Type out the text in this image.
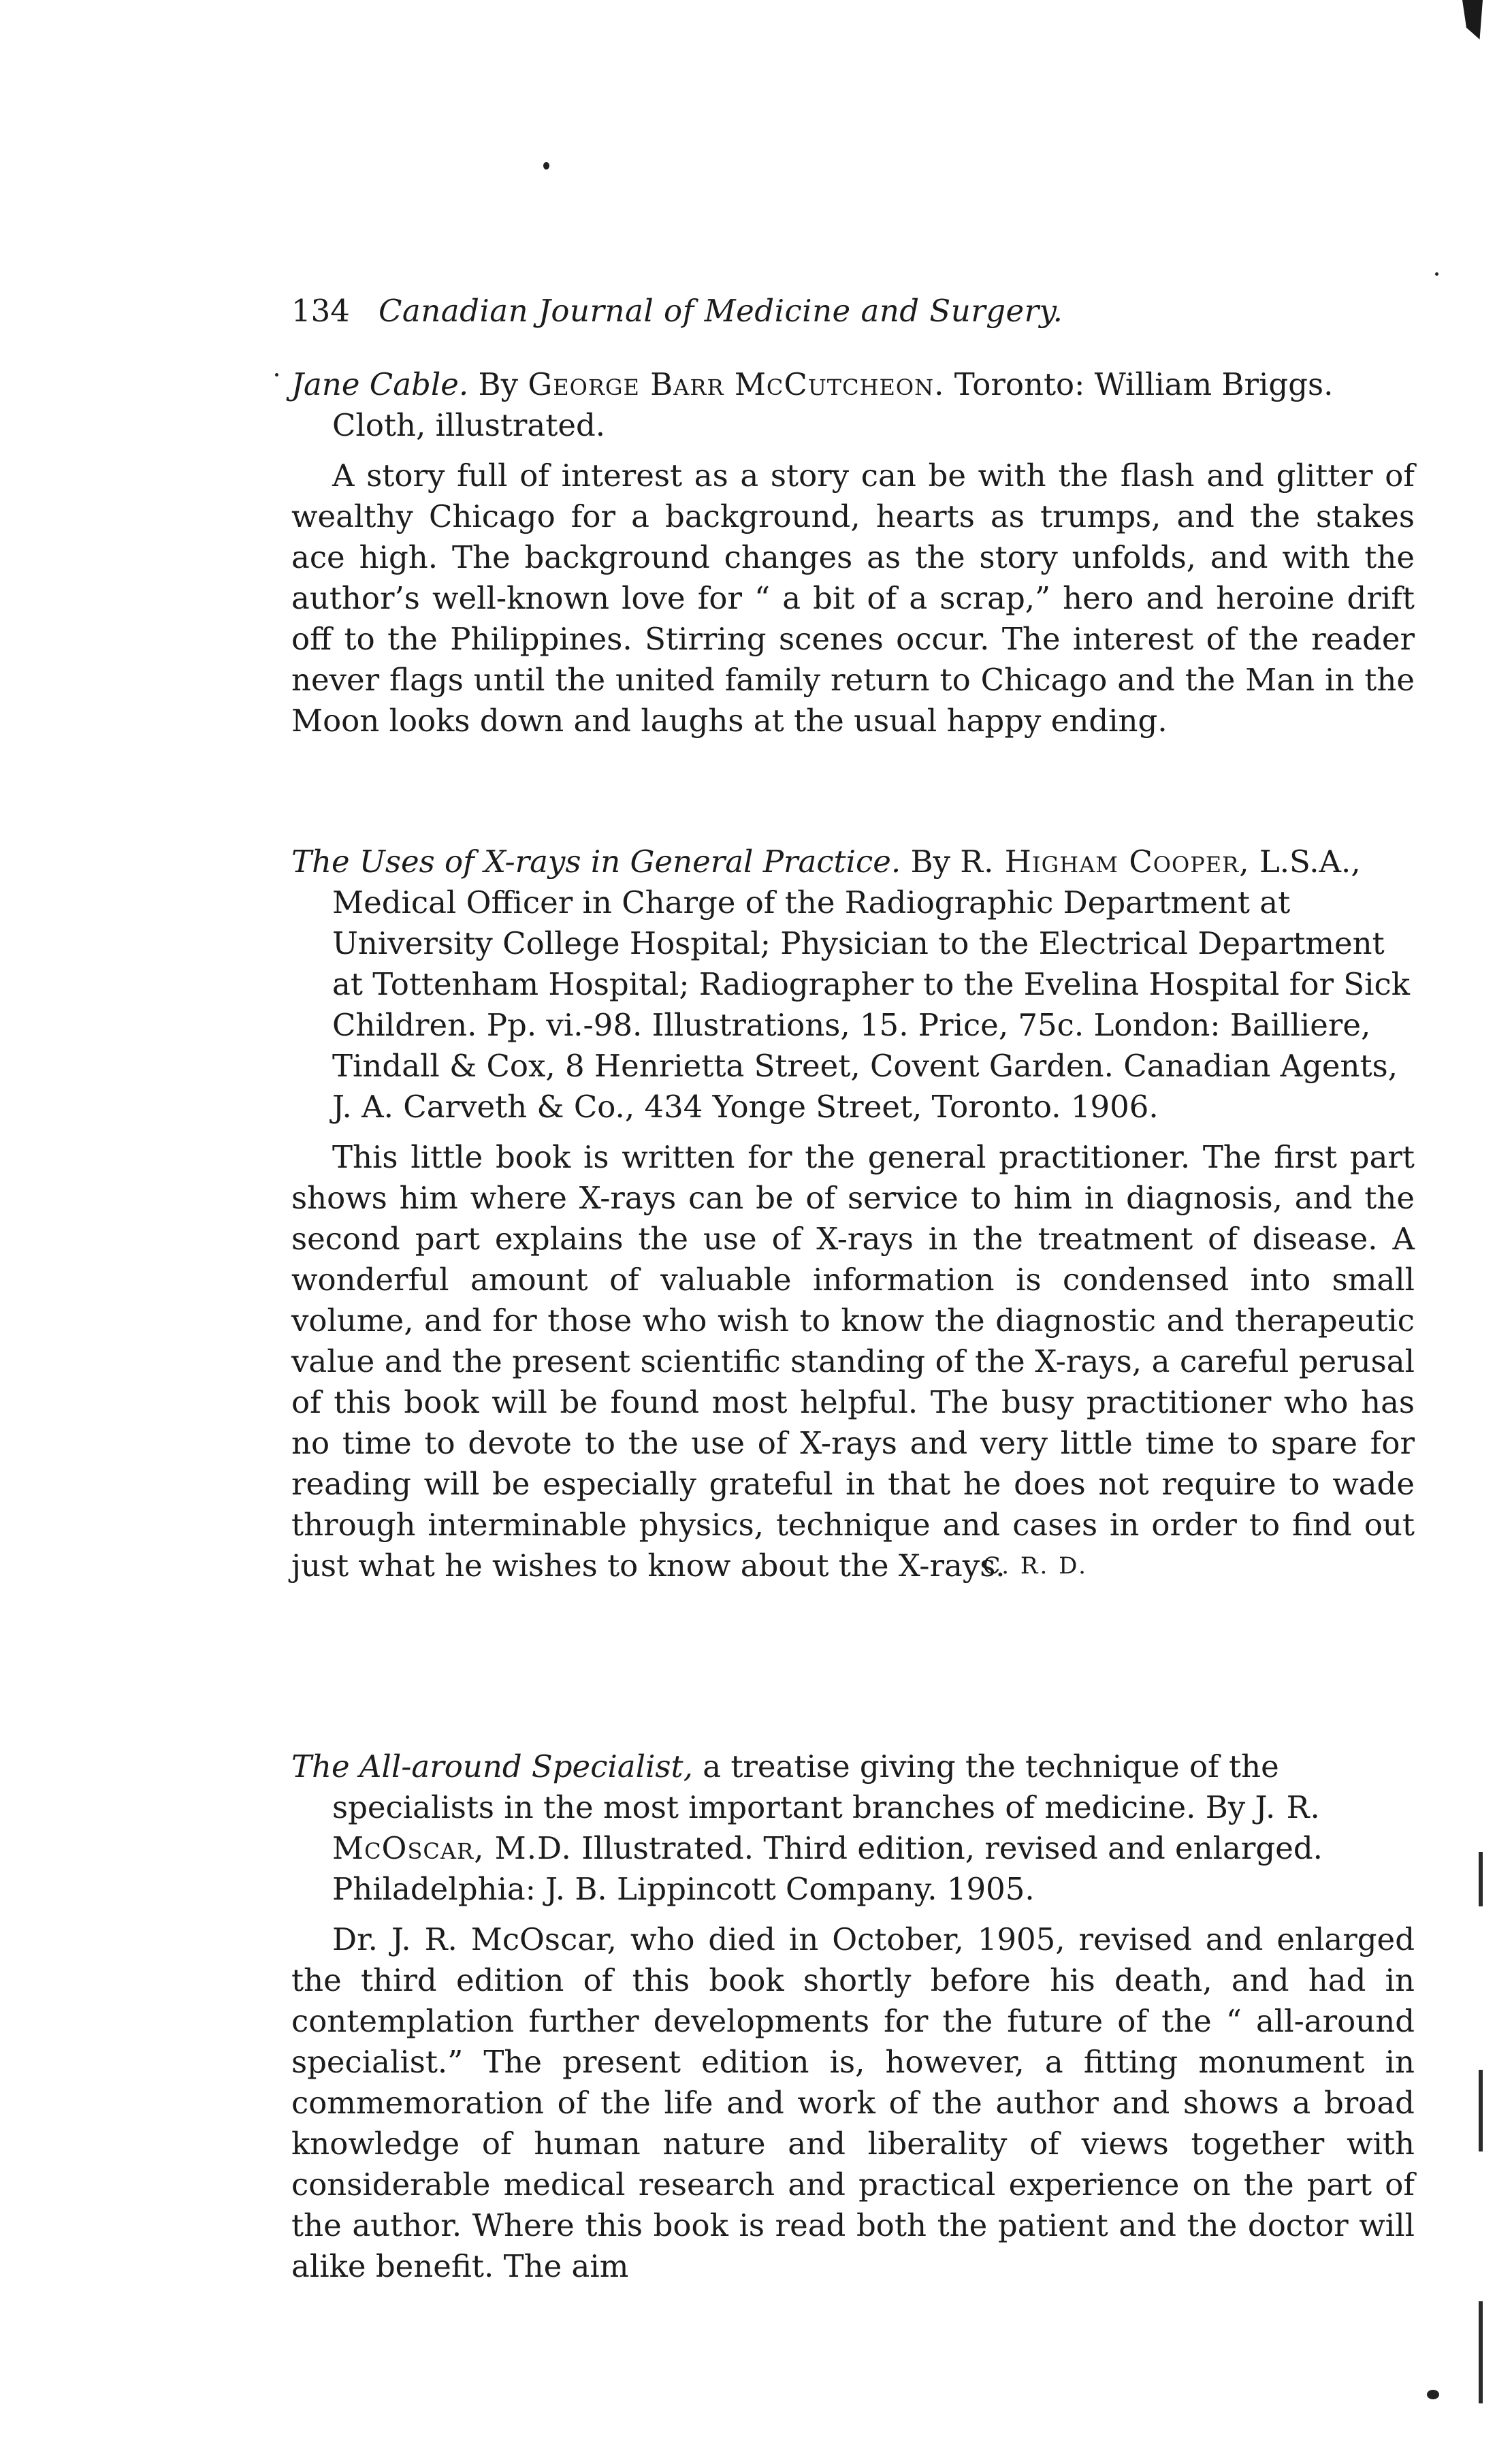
134 Canadian Journal of Medicine and Surgery.

Jane Cable. By George Barr McCutcheon. Toronto: William Briggs. Cloth, illustrated.

A story full of interest as a story can be with the flash and glitter of wealthy Chicago for a background, hearts as trumps, and the stakes ace high. The background changes as the story unfolds, and with the author’s well-known love for “ a bit of a scrap,” hero and heroine drift off to the Philippines. Stirring scenes occur. The interest of the reader never flags until the united family return to Chicago and the Man in the Moon looks down and laughs at the usual happy ending.

The Uses of X-rays in General Practice. By R. Higham Cooper, L.S.A., Medical Officer in Charge of the Radiographic Department at University College Hospital; Physician to the Electrical Department at Tottenham Hospital; Radiographer to the Evelina Hospital for Sick Children. Pp. vi.-98. Illustrations, 15. Price, 75c. London: Bailliere, Tindall & Cox, 8 Henrietta Street, Covent Garden. Canadian Agents, J. A. Carveth & Co., 434 Yonge Street, Toronto. 1906.

This little book is written for the general practitioner. The first part shows him where X-rays can be of service to him in diagnosis, and the second part explains the use of X-rays in the treatment of disease. A wonderful amount of valuable information is condensed into small volume, and for those who wish to know the diagnostic and therapeutic value and the present scientific standing of the X-rays, a careful perusal of this book will be found most helpful. The busy practitioner who has no time to devote to the use of X-rays and very little time to spare for reading will be especially grateful in that he does not require to wade through interminable physics, technique and cases in order to find out just what he wishes to know about the X-rays.

C. R. D.

The All-around Specialist, a treatise giving the technique of the specialists in the most important branches of medicine. By J. R. McOscar, M.D. Illustrated. Third edition, revised and enlarged. Philadelphia: J. B. Lippincott Company. 1905.

Dr. J. R. McOscar, who died in October, 1905, revised and enlarged the third edition of this book shortly before his death, and had in contemplation further developments for the future of the “ all-around specialist.” The present edition is, however, a fitting monument in commemoration of the life and work of the author and shows a broad knowledge of human nature and liberality of views together with considerable medical research and practical experience on the part of the author. Where this book is read both the patient and the doctor will alike benefit. The aim
